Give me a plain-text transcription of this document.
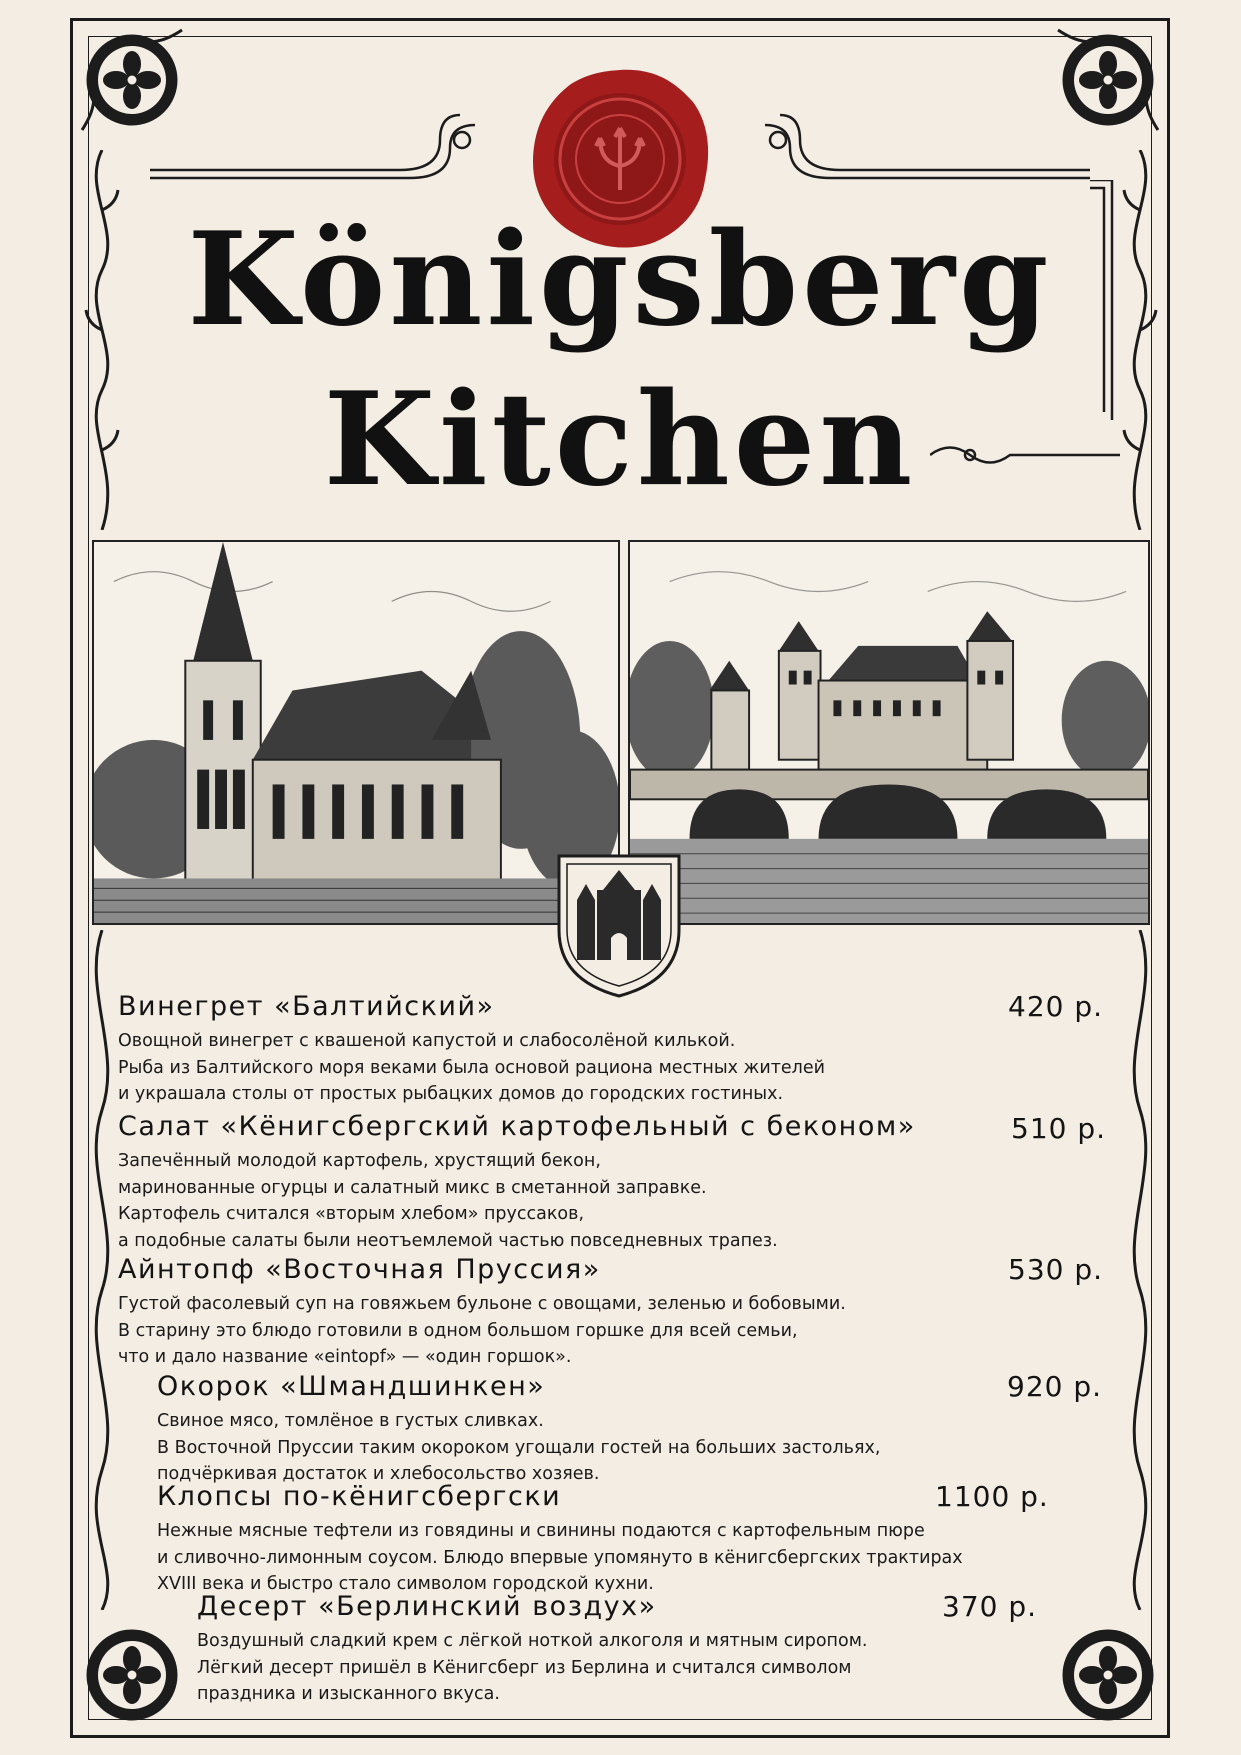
Königsberg
Kitchen
Винегрет «Балтийский»	420 р.
Овощной винегрет с квашеной капустой и слабосолёной килькой.
Рыба из Балтийского моря веками была основой рациона местных жителей
и украшала столы от простых рыбацких домов до городских гостиных.
Салат «Кёнигсбергский картофельный с беконом»	510 р.
Запечённый молодой картофель, хрустящий бекон,
маринованные огурцы и салатный микс в сметанной заправке.
Картофель считался «вторым хлебом» пруссаков,
а подобные салаты были неотъемлемой частью повседневных трапез.
Айнтопф «Восточная Пруссия»	530 р.
Густой фасолевый суп на говяжьем бульоне с овощами, зеленью и бобовыми.
В старину это блюдо готовили в одном большом горшке для всей семьи,
что и дало название «eintopf» — «один горшок».
Окорок «Шмандшинкен»	920 р.
Свиное мясо, томлёное в густых сливках.
В Восточной Пруссии таким окороком угощали гостей на больших застольях,
подчёркивая достаток и хлебосольство хозяев.
Клопсы по-кёнигсбергски	1100 р.
Нежные мясные тефтели из говядины и свинины подаются с картофельным пюре
и сливочно-лимонным соусом. Блюдо впервые упомянуто в кёнигсбергских трактирах
XVIII века и быстро стало символом городской кухни.
Десерт «Берлинский воздух»	370 р.
Воздушный сладкий крем с лёгкой ноткой алкоголя и мятным сиропом.
Лёгкий десерт пришёл в Кёнигсберг из Берлина и считался символом
праздника и изысканного вкуса.
